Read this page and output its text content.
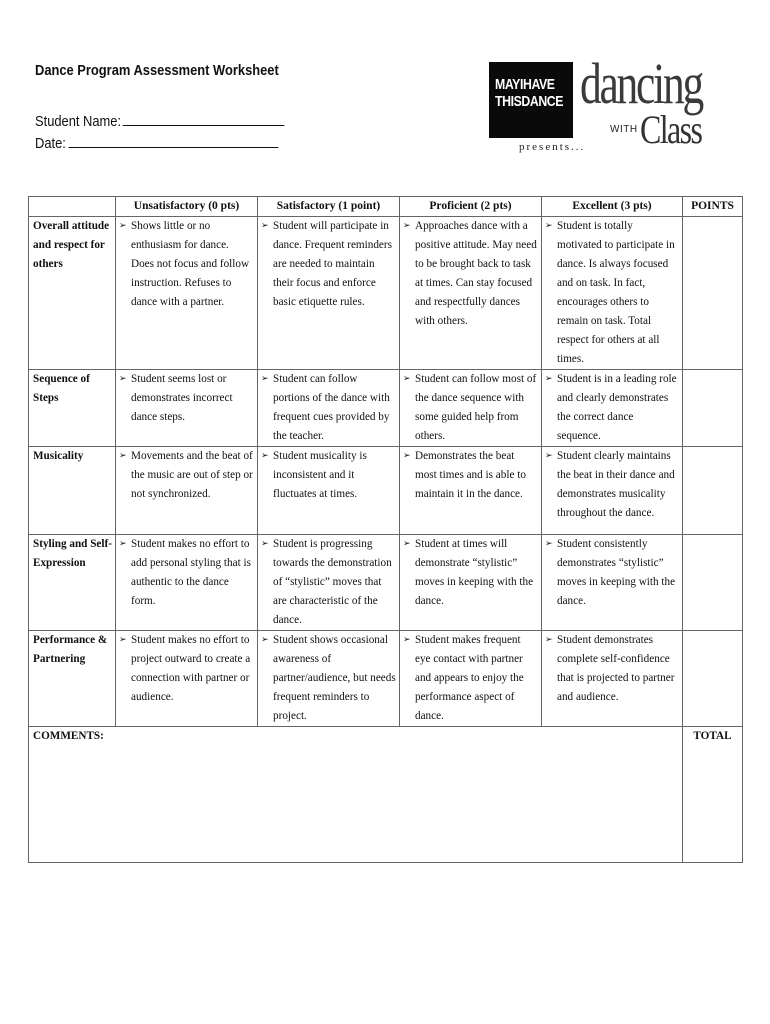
Dance Program Assessment Worksheet
Student Name:
Date:
MAYIHAVE
THISDANCE
presents...
dancing
WITH Class
	Unsatisfactory (0 pts)	Satisfactory (1 point)	Proficient (2 pts)	Excellent (3 pts)	POINTS
Overall attitude and respect for others	➢ Shows little or no enthusiasm for dance. Does not focus and follow instruction. Refuses to dance with a partner.	➢ Student will participate in dance. Frequent reminders are needed to maintain their focus and enforce basic etiquette rules.	➢ Approaches dance with a positive attitude. May need to be brought back to task at times. Can stay focused and respectfully dances with others.	➢ Student is totally motivated to participate in dance. Is always focused and on task. In fact, encourages others to remain on task. Total respect for others at all times.	

Sequence of Steps	➢ Student seems lost or demonstrates incorrect dance steps.	➢ Student can follow portions of the dance with frequent cues provided by the teacher.	➢ Student can follow most of the dance sequence with some guided help from others.	➢ Student is in a leading role and clearly demonstrates the correct dance sequence.	

Musicality	➢ Movements and the beat of the music are out of step or not synchronized.	➢ Student musicality is inconsistent and it fluctuates at times.	➢ Demonstrates the beat most times and is able to maintain it in the dance.	➢ Student clearly maintains the beat in their dance and demonstrates musicality throughout the dance.	

Styling and Self-Expression	➢ Student makes no effort to add personal styling that is authentic to the dance form.	➢ Student is progressing towards the demonstration of “stylistic” moves that are characteristic of the dance.	➢ Student at times will demonstrate “stylistic” moves in keeping with the dance.	➢ Student consistently demonstrates “stylistic” moves in keeping with the dance.	

Performance & Partnering	➢ Student makes no effort to project outward to create a connection with partner or audience.	➢ Student shows occasional awareness of partner/audience, but needs frequent reminders to project.	➢ Student makes frequent eye contact with partner and appears to enjoy the performance aspect of dance.	➢ Student demonstrates complete self-confidence that is projected to partner and audience.	

COMMENTS:					TOTAL
